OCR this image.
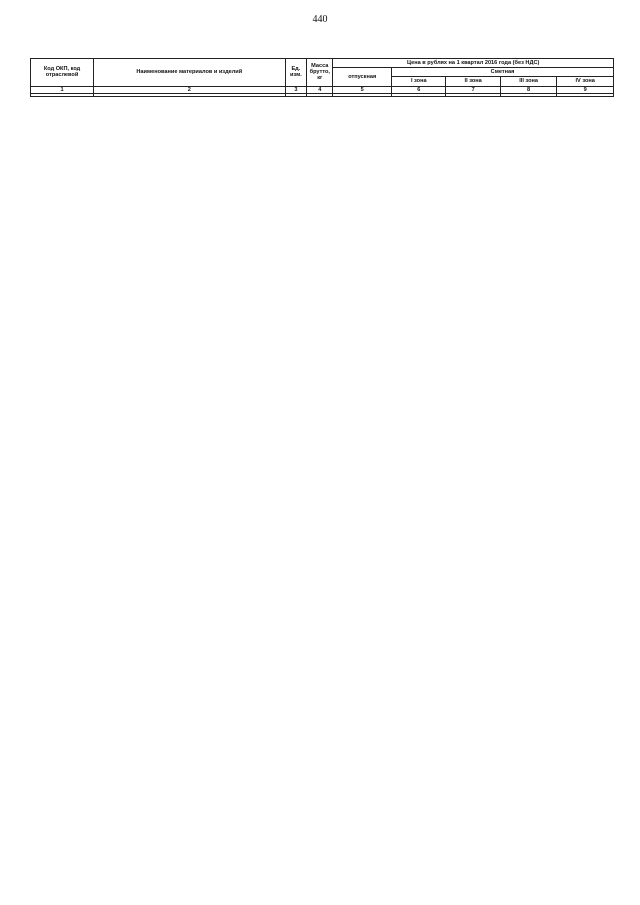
440
Код ОКП, код отраслевой	Наименование материалов и изделий	Ед. изм.	Масса брутто, кг	Цена в рублях на 1 квартал 2016 года (без НДС)				
				отпускная	Сметная			
					I зона	II зона	III зона	IV зона
1	2	3	4	5	6	7	8	9
